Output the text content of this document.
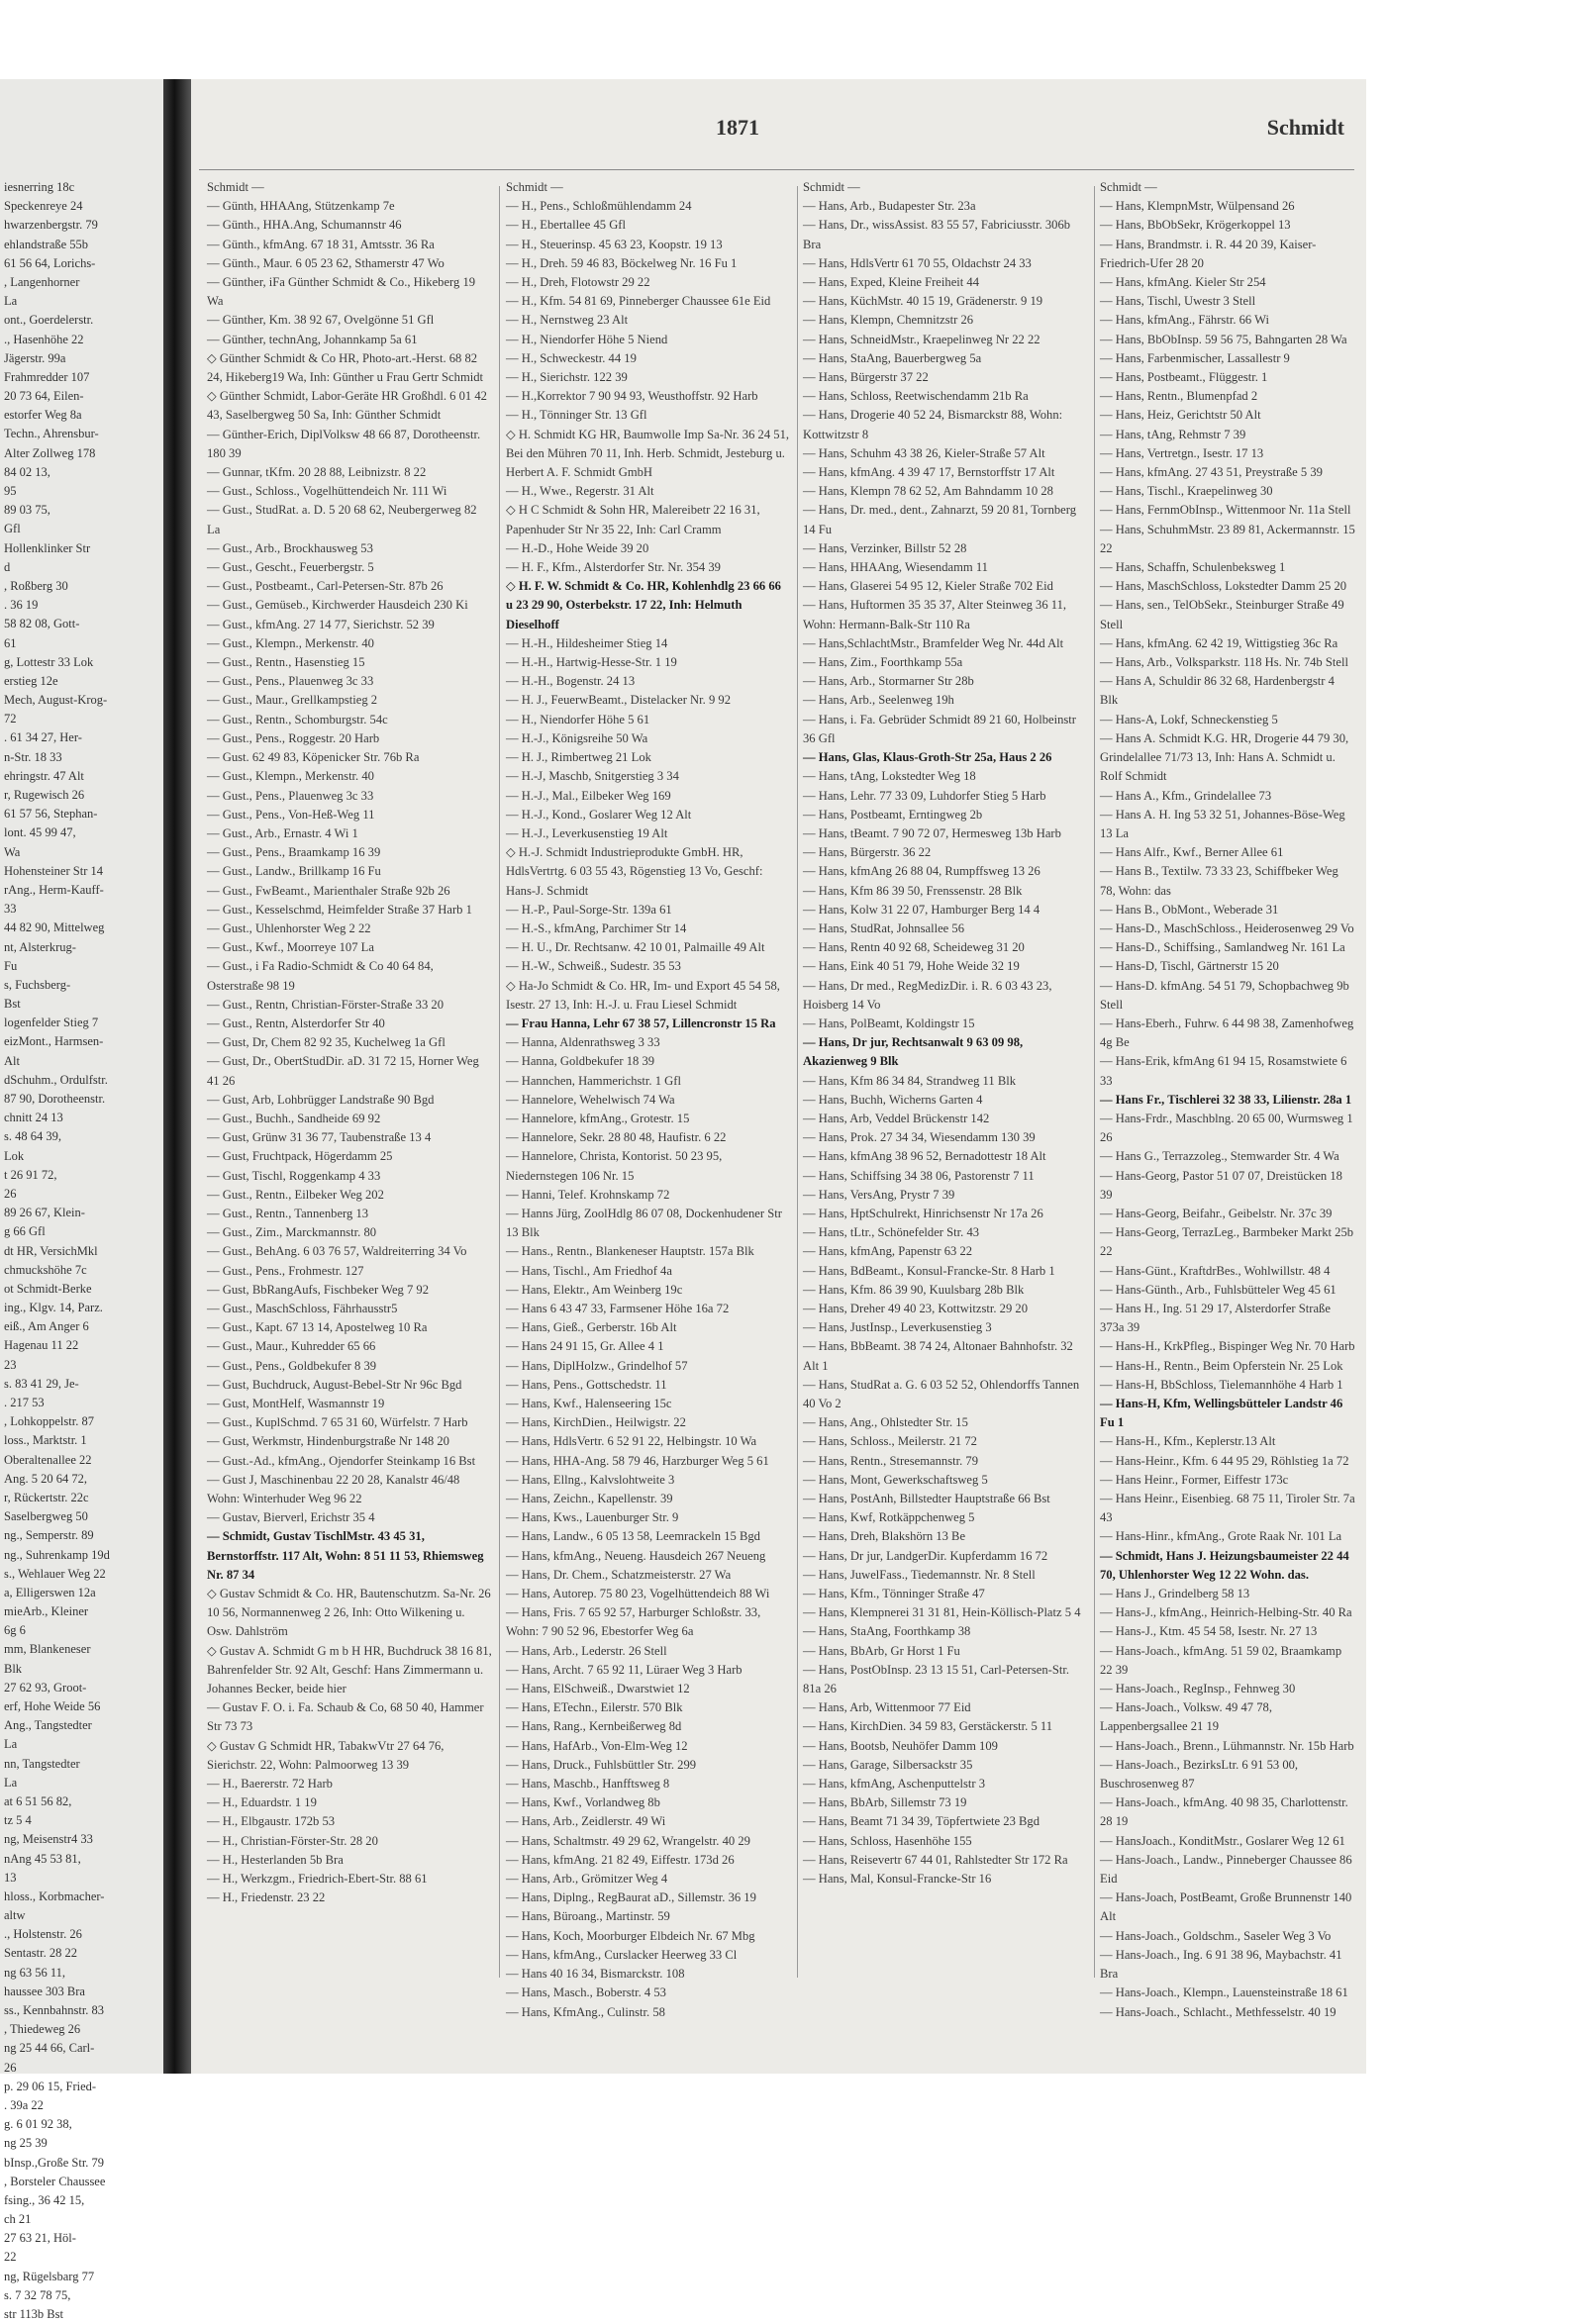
iesnerring 18c
Speckenreye 24
hwarzenbergstr. 79
ehlandstraße 55b
61 56 64, Lorichs-
, Langenhorner
La
ont., Goerdelerstr.
., Hasenhöhe 22
Jägerstr. 99a
Frahmredder 107
20 73 64, Eilen-
estorfer Weg 8a
Techn., Ahrensbur-
Alter Zollweg 178
84 02 13,
95
89 03 75,
Gfl
Hollenklinker Str
d
, Roßberg 30
. 36 19
58 82 08, Gott-
61
g, Lottestr 33 Lok
erstieg 12e
Mech, August-Krog-
72
. 61 34 27, Her-
n-Str. 18 33
ehringstr. 47 Alt
r, Rugewisch 26
61 57 56, Stephan-
lont. 45 99 47,
Wa
Hohensteiner Str 14
rAng., Herm-Kauff-
33
44 82 90, Mittelweg
nt, Alsterkrug-
Fu
s, Fuchsberg-
Bst
logenfelder Stieg 7
eizMont., Harmsen-
Alt
dSchuhm., Ordulfstr.
87 90, Dorotheenstr.
chnitt 24 13
s. 48 64 39,
Lok
t 26 91 72,
26
89 26 67, Klein-
g 66 Gfl
dt HR, VersichMkl
chmuckshöhe 7c
ot Schmidt-Berke
ing., Klgv. 14, Parz.
eiß., Am Anger 6
Hagenau 11 22
23
s. 83 41 29, Je-
. 217 53
, Lohkoppelstr. 87
loss., Marktstr. 1
Oberaltenallee 22
Ang. 5 20 64 72,
r, Rückertstr. 22c
Saselbergweg 50
ng., Semperstr. 89
ng., Suhrenkamp 19d
s., Wehlauer Weg 22
a, Elligerswen 12a
mieArb., Kleiner
6g 6
mm, Blankeneser
Blk
27 62 93, Groot-
erf, Hohe Weide 56
Ang., Tangstedter
La
nn, Tangstedter
La
at 6 51 56 82,
tz 5 4
ng, Meisenstr4 33
nAng 45 53 81,
13
hloss., Korbmacher-
altw
., Holstenstr. 26
Sentastr. 28 22
ng 63 56 11,
haussee 303 Bra
ss., Kennbahnstr. 83
, Thiedeweg 26
ng 25 44 66, Carl-
26
p. 29 06 15, Fried-
. 39a 22
g. 6 01 92 38,
ng 25 39
bInsp.,Große Str. 79
, Borsteler Chaussee
fsing., 36 42 15,
ch 21
27 63 21, Höl-
22
ng, Rügelsbarg 77
s. 7 32 78 75,
str 113b Bst
1871	Schmidt
Schmidt —
— Günth, HHAAng, Stützenkamp 7e
— Günth., HHA.Ang, Schumannstr 46
— Günth., kfmAng. 67 18 31, Amtsstr. 36 Ra
— Günth., Maur. 6 05 23 62, Sthamerstr 47 Wo
— Günther, iFa Günther Schmidt & Co., Hikeberg 19 Wa
— Günther, Km. 38 92 67, Ovelgönne 51 Gfl
— Günther, technAng, Johannkamp 5a 61
◇ Günther Schmidt & Co HR, Photo-art.-Herst. 68 82 24, Hikeberg19 Wa, Inh: Günther u Frau Gertr Schmidt
◇ Günther Schmidt, Labor-Geräte HR Großhdl. 6 01 42 43, Saselbergweg 50 Sa, Inh: Günther Schmidt
— Günther-Erich, DiplVolksw 48 66 87, Dorotheenstr. 180 39
— Gunnar, tKfm. 20 28 88, Leibnizstr. 8 22
— Gust., Schloss., Vogelhüttendeich Nr. 111 Wi
— Gust., StudRat. a. D. 5 20 68 62, Neubergerweg 82 La
— Gust., Arb., Brockhausweg 53
— Gust., Gescht., Feuerbergstr. 5
— Gust., Postbeamt., Carl-Petersen-Str. 87b 26
— Gust., Gemüseb., Kirchwerder Hausdeich 230 Ki
— Gust., kfmAng. 27 14 77, Sierichstr. 52 39
— Gust., Klempn., Merkenstr. 40
— Gust., Rentn., Hasenstieg 15
— Gust., Pens., Plauenweg 3c 33
— Gust., Maur., Grellkampstieg 2
— Gust., Rentn., Schomburgstr. 54c
— Gust., Pens., Roggestr. 20 Harb
— Gust. 62 49 83, Köpenicker Str. 76b Ra
— Gust., Klempn., Merkenstr. 40
— Gust., Pens., Plauenweg 3c 33
— Gust., Pens., Von-Heß-Weg 11
— Gust., Arb., Ernastr. 4 Wi 1
— Gust., Pens., Braamkamp 16 39
— Gust., Landw., Brillkamp 16 Fu
— Gust., FwBeamt., Marienthaler Straße 92b 26
— Gust., Kesselschmd, Heimfelder Straße 37 Harb 1
— Gust., Uhlenhorster Weg 2 22
— Gust., Kwf., Moorreye 107 La
— Gust., i Fa Radio-Schmidt & Co 40 64 84, Osterstraße 98 19
— Gust., Rentn, Christian-Förster-Straße 33 20
— Gust., Rentn, Alsterdorfer Str 40
— Gust, Dr, Chem 82 92 35, Kuchelweg 1a Gfl
— Gust, Dr., ObertStudDir. aD. 31 72 15, Horner Weg 41 26
— Gust, Arb, Lohbrügger Landstraße 90 Bgd
— Gust., Buchh., Sandheide 69 92
— Gust, Grünw 31 36 77, Taubenstraße 13 4
— Gust, Fruchtpack, Högerdamm 25
— Gust, Tischl, Roggenkamp 4 33
— Gust., Rentn., Eilbeker Weg 202
— Gust., Rentn., Tannenberg 13
— Gust., Zim., Marckmannstr. 80
— Gust., BehAng. 6 03 76 57, Waldreiterring 34 Vo
— Gust., Pens., Frohmestr. 127
— Gust, BbRangAufs, Fischbeker Weg 7 92
— Gust., MaschSchloss, Fährhausstr5
— Gust., Kapt. 67 13 14, Apostelweg 10 Ra
— Gust., Maur., Kuhredder 65 66
— Gust., Pens., Goldbekufer 8 39
— Gust, Buchdruck, August-Bebel-Str Nr 96c Bgd
— Gust, MontHelf, Wasmannstr 19
— Gust., KuplSchmd. 7 65 31 60, Würfelstr. 7 Harb
— Gust, Werkmstr, Hindenburgstraße Nr 148 20
— Gust.-Ad., kfmAng., Ojendorfer Steinkamp 16 Bst
— Gust J, Maschinenbau 22 20 28, Kanalstr 46/48 Wohn: Winterhuder Weg 96 22
— Gustav, Bierverl, Erichstr 35 4
— Schmidt, Gustav TischlMstr. 43 45 31, Bernstorffstr. 117 Alt, Wohn: 8 51 11 53, Rhiemsweg Nr. 87 34
◇ Gustav Schmidt & Co. HR, Bautenschutzm. Sa-Nr. 26 10 56, Normannenweg 2 26, Inh: Otto Wilkening u. Osw. Dahlström
◇ Gustav A. Schmidt G m b H HR, Buchdruck 38 16 81, Bahrenfelder Str. 92 Alt, Geschf: Hans Zimmermann u. Johannes Becker, beide hier
— Gustav F. O. i. Fa. Schaub & Co, 68 50 40, Hammer Str 73 73
◇ Gustav G Schmidt HR, TabakwVtr 27 64 76, Sierichstr. 22, Wohn: Palmoorweg 13 39
— H., Baererstr. 72 Harb
— H., Eduardstr. 1 19
— H., Elbgaustr. 172b 53
— H., Christian-Förster-Str. 28 20
— H., Hesterlanden 5b Bra
— H., Werkzgm., Friedrich-Ebert-Str. 88 61
— H., Friedenstr. 23 22
Schmidt —
— H., Pens., Schloßmühlendamm 24
— H., Ebertallee 45 Gfl
— H., Steuerinsp. 45 63 23, Koopstr. 19 13
— H., Dreh. 59 46 83, Böckelweg Nr. 16 Fu 1
— H., Dreh, Flotowstr 29 22
— H., Kfm. 54 81 69, Pinneberger Chaussee 61e Eid
— H., Nernstweg 23 Alt
— H., Niendorfer Höhe 5 Niend
— H., Schweckestr. 44 19
— H., Sierichstr. 122 39
— H.,Korrektor 7 90 94 93, Weusthoffstr. 92 Harb
— H., Tönninger Str. 13 Gfl
◇ H. Schmidt KG HR, Baumwolle Imp Sa-Nr. 36 24 51, Bei den Mühren 70 11, Inh. Herb. Schmidt, Jesteburg u. Herbert A. F. Schmidt GmbH
— H., Wwe., Regerstr. 31 Alt
◇ H C Schmidt & Sohn HR, Malereibetr 22 16 31, Papenhuder Str Nr 35 22, Inh: Carl Cramm
— H.-D., Hohe Weide 39 20
— H. F., Kfm., Alsterdorfer Str. Nr. 354 39
◇ H. F. W. Schmidt & Co. HR, Kohlenhdlg 23 66 66 u 23 29 90, Osterbekstr. 17 22, Inh: Helmuth Dieselhoff
— H.-H., Hildesheimer Stieg 14
— H.-H., Hartwig-Hesse-Str. 1 19
— H.-H., Bogenstr. 24 13
— H. J., FeuerwBeamt., Distelacker Nr. 9 92
— H., Niendorfer Höhe 5 61
— H.-J., Königsreihe 50 Wa
— H. J., Rimbertweg 21 Lok
— H.-J, Maschb, Snitgerstieg 3 34
— H.-J., Mal., Eilbeker Weg 169
— H.-J., Kond., Goslarer Weg 12 Alt
— H.-J., Leverkusenstieg 19 Alt
◇ H.-J. Schmidt Industrieprodukte GmbH. HR, HdlsVertrtg. 6 03 55 43, Rögenstieg 13 Vo, Geschf: Hans-J. Schmidt
— H.-P., Paul-Sorge-Str. 139a 61
— H.-S., kfmAng, Parchimer Str 14
— H. U., Dr. Rechtsanw. 42 10 01, Palmaille 49 Alt
— H.-W., Schweiß., Sudestr. 35 53
◇ Ha-Jo Schmidt & Co. HR, Im- und Export 45 54 58, Isestr. 27 13, Inh: H.-J. u. Frau Liesel Schmidt
— Frau Hanna, Lehr 67 38 57, Lillencronstr 15 Ra
— Hanna, Aldenrathsweg 3 33
— Hanna, Goldbekufer 18 39
— Hannchen, Hammerichstr. 1 Gfl
— Hannelore, Wehelwisch 74 Wa
— Hannelore, kfmAng., Grotestr. 15
— Hannelore, Sekr. 28 80 48, Haufistr. 6 22
— Hannelore, Christa, Kontorist. 50 23 95, Niedernstegen 106 Nr. 15
— Hanni, Telef. Krohnskamp 72
— Hanns Jürg, ZoolHdlg 86 07 08, Dockenhudener Str 13 Blk
— Hans., Rentn., Blankeneser Hauptstr. 157a Blk
— Hans, Tischl., Am Friedhof 4a
— Hans, Elektr., Am Weinberg 19c
— Hans 6 43 47 33, Farmsener Höhe 16a 72
— Hans, Gieß., Gerberstr. 16b Alt
— Hans 24 91 15, Gr. Allee 4 1
— Hans, DiplHolzw., Grindelhof 57
— Hans, Pens., Gottschedstr. 11
— Hans, Kwf., Halenseering 15c
— Hans, KirchDien., Heilwigstr. 22
— Hans, HdlsVertr. 6 52 91 22, Helbingstr. 10 Wa
— Hans, HHA-Ang. 58 79 46, Harzburger Weg 5 61
— Hans, Ellng., Kalvslohtweite 3
— Hans, Zeichn., Kapellenstr. 39
— Hans, Kws., Lauenburger Str. 9
— Hans, Landw., 6 05 13 58, Leemrackeln 15 Bgd
— Hans, kfmAng., Neueng. Hausdeich 267 Neueng
— Hans, Dr. Chem., Schatzmeisterstr. 27 Wa
— Hans, Autorep. 75 80 23, Vogelhüttendeich 88 Wi
— Hans, Fris. 7 65 92 57, Harburger Schloßstr. 33, Wohn: 7 90 52 96, Ebestorfer Weg 6a
— Hans, Arb., Lederstr. 26 Stell
— Hans, Archt. 7 65 92 11, Lüraer Weg 3 Harb
— Hans, ElSchweiß., Dwarstwiet 12
— Hans, ETechn., Eilerstr. 570 Blk
— Hans, Rang., Kernbeißerweg 8d
— Hans, HafArb., Von-Elm-Weg 12
— Hans, Druck., Fuhlsbüttler Str. 299
— Hans, Maschb., Hanfftsweg 8
— Hans, Kwf., Vorlandweg 8b
— Hans, Arb., Zeidlerstr. 49 Wi
— Hans, Schaltmstr. 49 29 62, Wrangelstr. 40 29
— Hans, kfmAng. 21 82 49, Eiffestr. 173d 26
— Hans, Arb., Grömitzer Weg 4
— Hans, Diplng., RegBaurat aD., Sillemstr. 36 19
— Hans, Büroang., Martinstr. 59
— Hans, Koch, Moorburger Elbdeich Nr. 67 Mbg
— Hans, kfmAng., Curslacker Heerweg 33 Cl
— Hans 40 16 34, Bismarckstr. 108
— Hans, Masch., Boberstr. 4 53
— Hans, KfmAng., Culinstr. 58
Schmidt —
— Hans, Arb., Budapester Str. 23a
— Hans, Dr., wissAssist. 83 55 57, Fabriciusstr. 306b Bra
— Hans, HdlsVertr 61 70 55, Oldachstr 24 33
— Hans, Exped, Kleine Freiheit 44
— Hans, KüchMstr. 40 15 19, Grädenerstr. 9 19
— Hans, Klempn, Chemnitzstr 26
— Hans, SchneidMstr., Kraepelinweg Nr 22 22
— Hans, StaAng, Bauerbergweg 5a
— Hans, Bürgerstr 37 22
— Hans, Schloss, Reetwischendamm 21b Ra
— Hans, Drogerie 40 52 24, Bismarckstr 88, Wohn: Kottwitzstr 8
— Hans, Schuhm 43 38 26, Kieler-Straße 57 Alt
— Hans, kfmAng. 4 39 47 17, Bernstorffstr 17 Alt
— Hans, Klempn 78 62 52, Am Bahndamm 10 28
— Hans, Dr. med., dent., Zahnarzt, 59 20 81, Tornberg 14 Fu
— Hans, Verzinker, Billstr 52 28
— Hans, HHAAng, Wiesendamm 11
— Hans, Glaserei 54 95 12, Kieler Straße 702 Eid
— Hans, Huftormen 35 35 37, Alter Steinweg 36 11, Wohn: Hermann-Balk-Str 110 Ra
— Hans,SchlachtMstr., Bramfelder Weg Nr. 44d Alt
— Hans, Zim., Foorthkamp 55a
— Hans, Arb., Stormarner Str 28b
— Hans, Arb., Seelenweg 19h
— Hans, i. Fa. Gebrüder Schmidt 89 21 60, Holbeinstr 36 Gfl
— Hans, Glas, Klaus-Groth-Str 25a, Haus 2 26
— Hans, tAng, Lokstedter Weg 18
— Hans, Lehr. 77 33 09, Luhdorfer Stieg 5 Harb
— Hans, Postbeamt, Erntingweg 2b
— Hans, tBeamt. 7 90 72 07, Hermesweg 13b Harb
— Hans, Bürgerstr. 36 22
— Hans, kfmAng 26 88 04, Rumpffsweg 13 26
— Hans, Kfm 86 39 50, Frenssenstr. 28 Blk
— Hans, Kolw 31 22 07, Hamburger Berg 14 4
— Hans, StudRat, Johnsallee 56
— Hans, Rentn 40 92 68, Scheideweg 31 20
— Hans, Eink 40 51 79, Hohe Weide 32 19
— Hans, Dr med., RegMedizDir. i. R. 6 03 43 23, Hoisberg 14 Vo
— Hans, PolBeamt, Koldingstr 15
— Hans, Dr jur, Rechtsanwalt 9 63 09 98, Akazienweg 9 Blk
— Hans, Kfm 86 34 84, Strandweg 11 Blk
— Hans, Buchh, Wicherns Garten 4
— Hans, Arb, Veddel Brückenstr 142
— Hans, Prok. 27 34 34, Wiesendamm 130 39
— Hans, kfmAng 38 96 52, Bernadottestr 18 Alt
— Hans, Schiffsing 34 38 06, Pastorenstr 7 11
— Hans, VersAng, Prystr 7 39
— Hans, HptSchulrekt, Hinrichsenstr Nr 17a 26
— Hans, tLtr., Schönefelder Str. 43
— Hans, kfmAng, Papenstr 63 22
— Hans, BdBeamt., Konsul-Francke-Str. 8 Harb 1
— Hans, Kfm. 86 39 90, Kuulsbarg 28b Blk
— Hans, Dreher 49 40 23, Kottwitzstr. 29 20
— Hans, JustInsp., Leverkusenstieg 3
— Hans, BbBeamt. 38 74 24, Altonaer Bahnhofstr. 32 Alt 1
— Hans, StudRat a. G. 6 03 52 52, Ohlendorffs Tannen 40 Vo 2
— Hans, Ang., Ohlstedter Str. 15
— Hans, Schloss., Meilerstr. 21 72
— Hans, Rentn., Stresemannstr. 79
— Hans, Mont, Gewerkschaftsweg 5
— Hans, PostAnh, Billstedter Hauptstraße 66 Bst
— Hans, Kwf, Rotkäppchenweg 5
— Hans, Dreh, Blakshörn 13 Be
— Hans, Dr jur, LandgerDir. Kupferdamm 16 72
— Hans, JuwelFass., Tiedemannstr. Nr. 8 Stell
— Hans, Kfm., Tönninger Straße 47
— Hans, Klempnerei 31 31 81, Hein-Köllisch-Platz 5 4
— Hans, StaAng, Foorthkamp 38
— Hans, BbArb, Gr Horst 1 Fu
— Hans, PostObInsp. 23 13 15 51, Carl-Petersen-Str. 81a 26
— Hans, Arb, Wittenmoor 77 Eid
— Hans, KirchDien. 34 59 83, Gerstäckerstr. 5 11
— Hans, Bootsb, Neuhöfer Damm 109
— Hans, Garage, Silbersackstr 35
— Hans, kfmAng, Aschenputtelstr 3
— Hans, BbArb, Sillemstr 73 19
— Hans, Beamt 71 34 39, Töpfertwiete 23 Bgd
— Hans, Schloss, Hasenhöhe 155
— Hans, Reisevertr 67 44 01, Rahlstedter Str 172 Ra
— Hans, Mal, Konsul-Francke-Str 16
Schmidt —
— Hans, KlempnMstr, Wülpensand 26
— Hans, BbObSekr, Krögerkoppel 13
— Hans, Brandmstr. i. R. 44 20 39, Kaiser-Friedrich-Ufer 28 20
— Hans, kfmAng. Kieler Str 254
— Hans, Tischl, Uwestr 3 Stell
— Hans, kfmAng., Fährstr. 66 Wi
— Hans, BbObInsp. 59 56 75, Bahngarten 28 Wa
— Hans, Farbenmischer, Lassallestr 9
— Hans, Postbeamt., Flüggestr. 1
— Hans, Rentn., Blumenpfad 2
— Hans, Heiz, Gerichtstr 50 Alt
— Hans, tAng, Rehmstr 7 39
— Hans, Vertretgn., Isestr. 17 13
— Hans, kfmAng. 27 43 51, Preystraße 5 39
— Hans, Tischl., Kraepelinweg 30
— Hans, FernmObInsp., Wittenmoor Nr. 11a Stell
— Hans, SchuhmMstr. 23 89 81, Ackermannstr. 15 22
— Hans, Schaffn, Schulenbeksweg 1
— Hans, MaschSchloss, Lokstedter Damm 25 20
— Hans, sen., TelObSekr., Steinburger Straße 49 Stell
— Hans, kfmAng. 62 42 19, Wittigstieg 36c Ra
— Hans, Arb., Volksparkstr. 118 Hs. Nr. 74b Stell
— Hans A, Schuldir 86 32 68, Hardenbergstr 4 Blk
— Hans-A, Lokf, Schneckenstieg 5
— Hans A. Schmidt K.G. HR, Drogerie 44 79 30, Grindelallee 71/73 13, Inh: Hans A. Schmidt u. Rolf Schmidt
— Hans A., Kfm., Grindelallee 73
— Hans A. H. Ing 53 32 51, Johannes-Böse-Weg 13 La
— Hans Alfr., Kwf., Berner Allee 61
— Hans B., Textilw. 73 33 23, Schiffbeker Weg 78, Wohn: das
— Hans B., ObMont., Weberade 31
— Hans-D., MaschSchloss., Heiderosenweg 29 Vo
— Hans-D., Schiffsing., Samlandweg Nr. 161 La
— Hans-D, Tischl, Gärtnerstr 15 20
— Hans-D. kfmAng. 54 51 79, Schopbachweg 9b Stell
— Hans-Eberh., Fuhrw. 6 44 98 38, Zamenhofweg 4g Be
— Hans-Erik, kfmAng 61 94 15, Rosamstwiete 6 33
— Hans Fr., Tischlerei 32 38 33, Lilienstr. 28a 1
— Hans-Frdr., Maschblng. 20 65 00, Wurmsweg 1 26
— Hans G., Terrazzoleg., Stemwarder Str. 4 Wa
— Hans-Georg, Pastor 51 07 07, Dreistücken 18 39
— Hans-Georg, Beifahr., Geibelstr. Nr. 37c 39
— Hans-Georg, TerrazLeg., Barmbeker Markt 25b 22
— Hans-Günt., KraftdrBes., Wohlwillstr. 48 4
— Hans-Günth., Arb., Fuhlsbütteler Weg 45 61
— Hans H., Ing. 51 29 17, Alsterdorfer Straße 373a 39
— Hans-H., KrkPfleg., Bispinger Weg Nr. 70 Harb
— Hans-H., Rentn., Beim Opferstein Nr. 25 Lok
— Hans-H, BbSchloss, Tielemannhöhe 4 Harb 1
— Hans-H, Kfm, Wellingsbütteler Landstr 46 Fu 1
— Hans-H., Kfm., Keplerstr.13 Alt
— Hans-Heinr., Kfm. 6 44 95 29, Röhlstieg 1a 72
— Hans Heinr., Former, Eiffestr 173c
— Hans Heinr., Eisenbieg. 68 75 11, Tiroler Str. 7a 43
— Hans-Hinr., kfmAng., Grote Raak Nr. 101 La
— Schmidt, Hans J. Heizungsbaumeister 22 44 70, Uhlenhorster Weg 12 22 Wohn. das.
— Hans J., Grindelberg 58 13
— Hans-J., kfmAng., Heinrich-Helbing-Str. 40 Ra
— Hans-J., Ktm. 45 54 58, Isestr. Nr. 27 13
— Hans-Joach., kfmAng. 51 59 02, Braamkamp 22 39
— Hans-Joach., RegInsp., Fehnweg 30
— Hans-Joach., Volksw. 49 47 78, Lappenbergsallee 21 19
— Hans-Joach., Brenn., Lühmannstr. Nr. 15b Harb
— Hans-Joach., BezirksLtr. 6 91 53 00, Buschrosenweg 87
— Hans-Joach., kfmAng. 40 98 35, Charlottenstr. 28 19
— HansJoach., KonditMstr., Goslarer Weg 12 61
— Hans-Joach., Landw., Pinneberger Chaussee 86 Eid
— Hans-Joach, PostBeamt, Große Brunnenstr 140 Alt
— Hans-Joach., Goldschm., Saseler Weg 3 Vo
— Hans-Joach., Ing. 6 91 38 96, Maybachstr. 41 Bra
— Hans-Joach., Klempn., Lauensteinstraße 18 61
— Hans-Joach., Schlacht., Methfesselstr. 40 19
